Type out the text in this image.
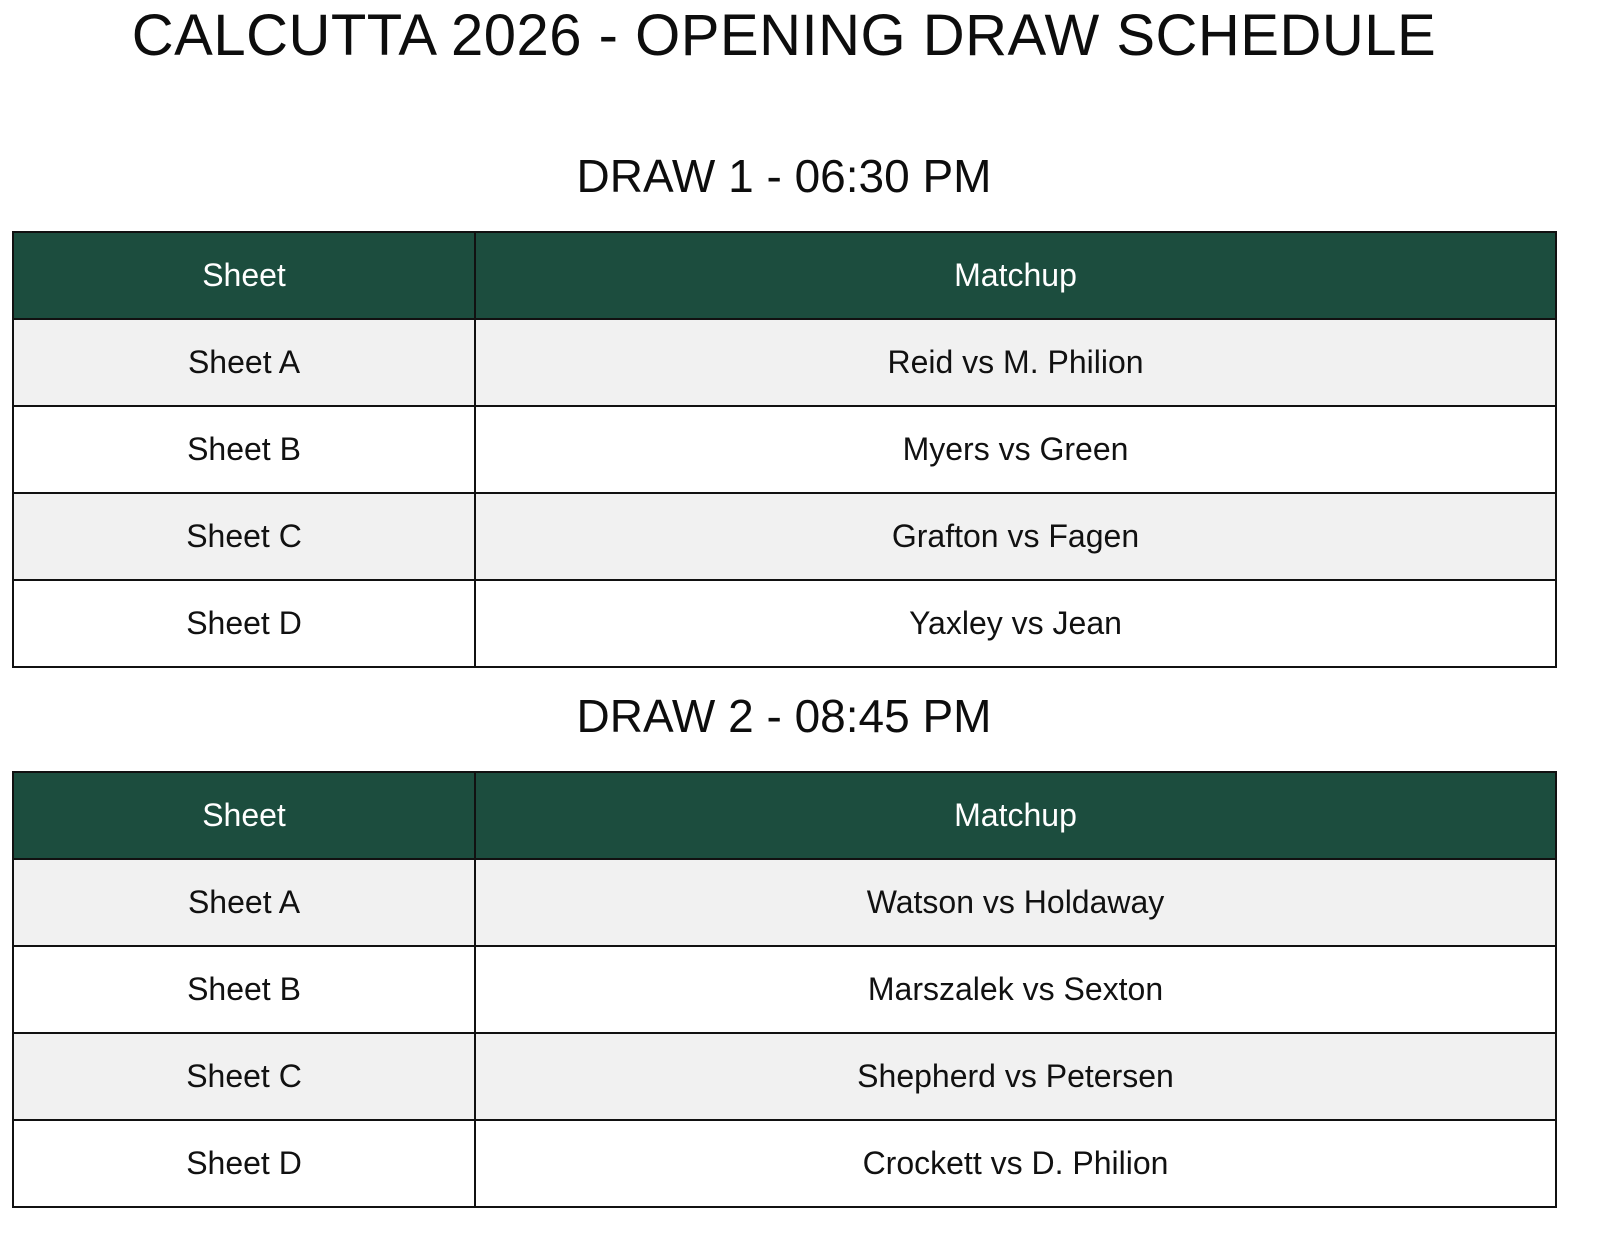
CALCUTTA 2026 - OPENING DRAW SCHEDULE
DRAW 1 - 06:30 PM
Sheet	Matchup
Sheet A	Reid vs M. Philion
Sheet B	Myers vs Green
Sheet C	Grafton vs Fagen
Sheet D	Yaxley vs Jean
DRAW 2 - 08:45 PM
Sheet	Matchup
Sheet A	Watson vs Holdaway
Sheet B	Marszalek vs Sexton
Sheet C	Shepherd vs Petersen
Sheet D	Crockett vs D. Philion
